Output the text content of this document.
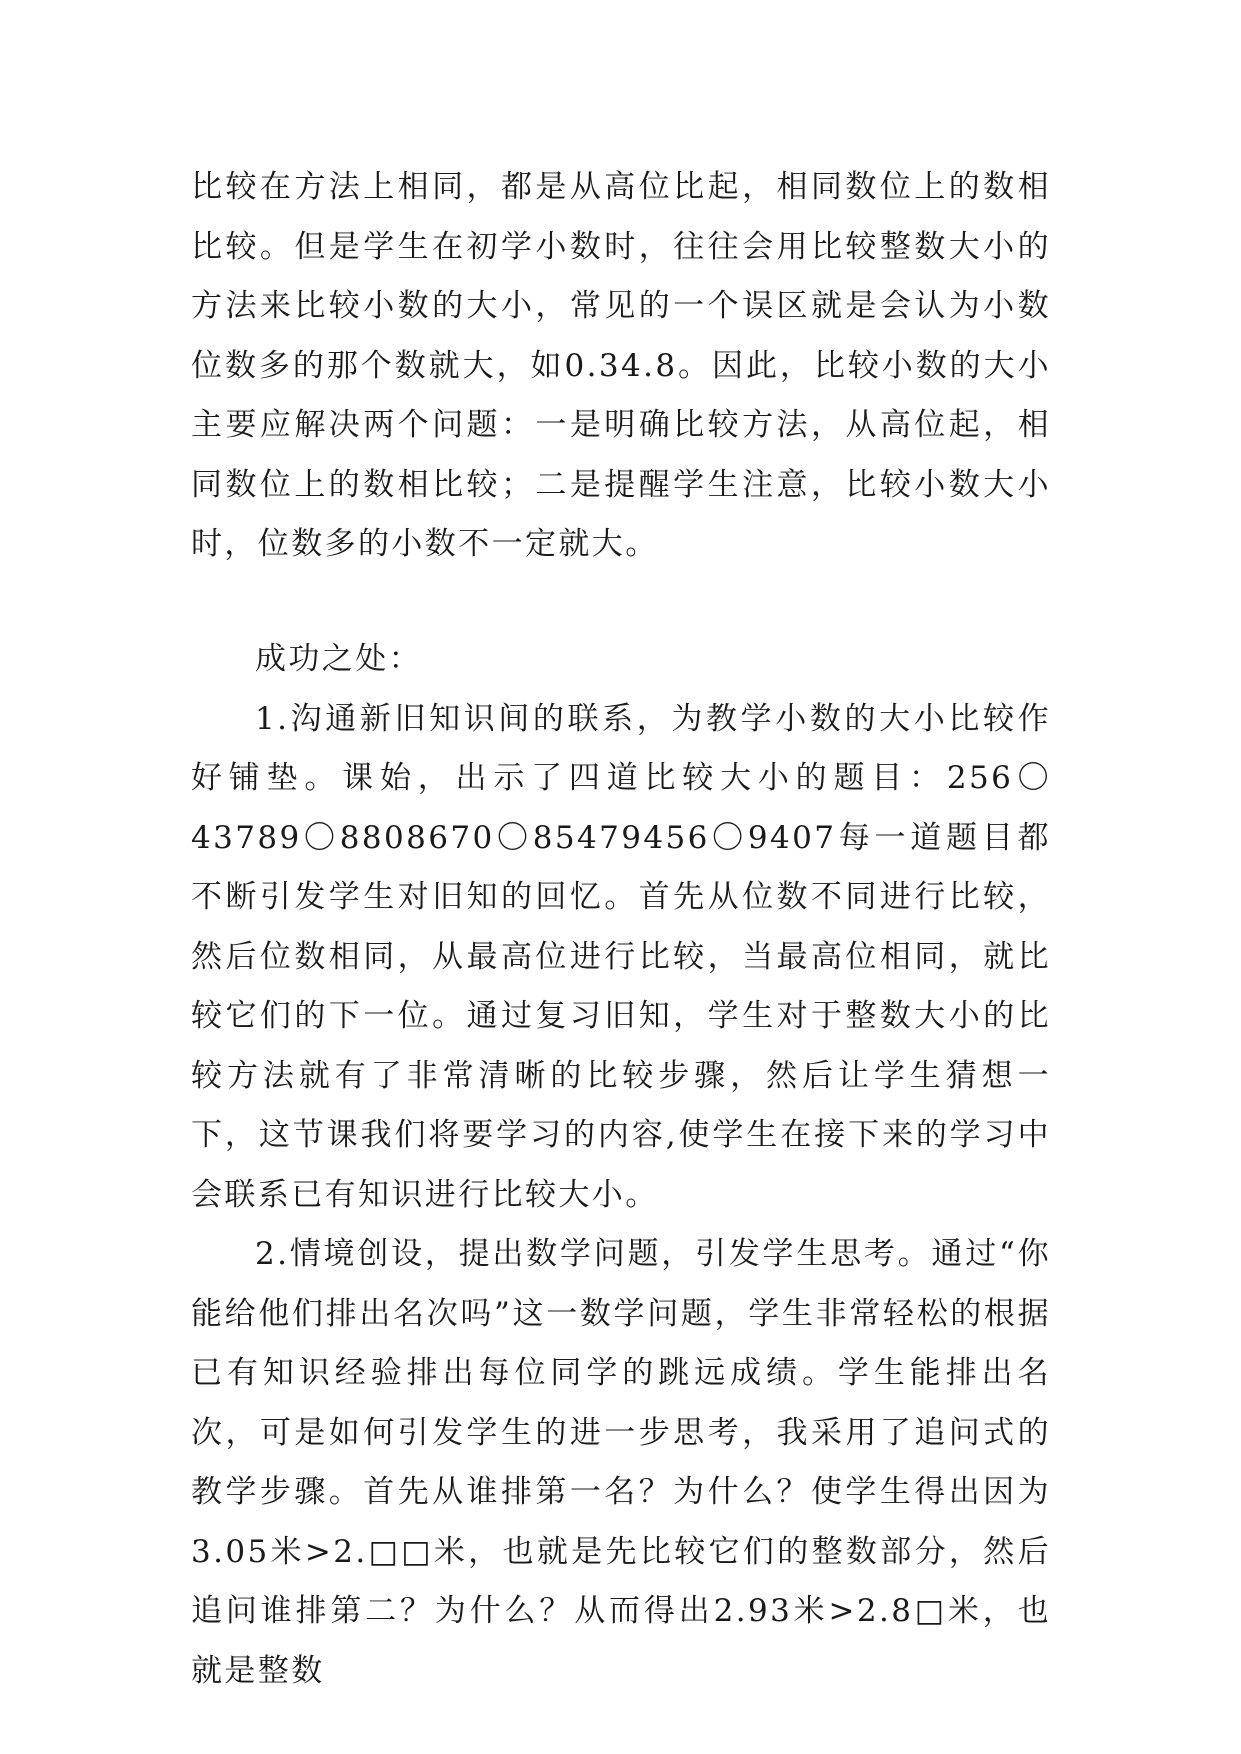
比较在方法上相同，都是从高位比起，相同数位上的数相比较。但是学生在初学小数时，往往会用比较整数大小的方法来比较小数的大小，常见的一个误区就是会认为小数位数多的那个数就大，如0.34.8。因此，比较小数的大小主要应解决两个问题：一是明确比较方法，从高位起，相同数位上的数相比较；二是提醒学生注意，比较小数大小时，位数多的小数不一定就大。

成功之处：

1.沟通新旧知识间的联系，为教学小数的大小比较作好铺垫。课始，出示了四道比较大小的题目：256〇43789〇8808670〇85479456〇9407每一道题目都不断引发学生对旧知的回忆。首先从位数不同进行比较，然后位数相同，从最高位进行比较，当最高位相同，就比较它们的下一位。通过复习旧知，学生对于整数大小的比较方法就有了非常清晰的比较步骤，然后让学生猜想一下，这节课我们将要学习的内容,使学生在接下来的学习中会联系已有知识进行比较大小。

2.情境创设，提出数学问题，引发学生思考。通过“你能给他们排出名次吗”这一数学问题，学生非常轻松的根据已有知识经验排出每位同学的跳远成绩。学生能排出名次，可是如何引发学生的进一步思考，我采用了追问式的教学步骤。首先从谁排第一名？为什么？使学生得出因为3.05米>2.□□米，也就是先比较它们的整数部分，然后追问谁排第二？为什么？从而得出2.93米>2.8□米，也就是整数
